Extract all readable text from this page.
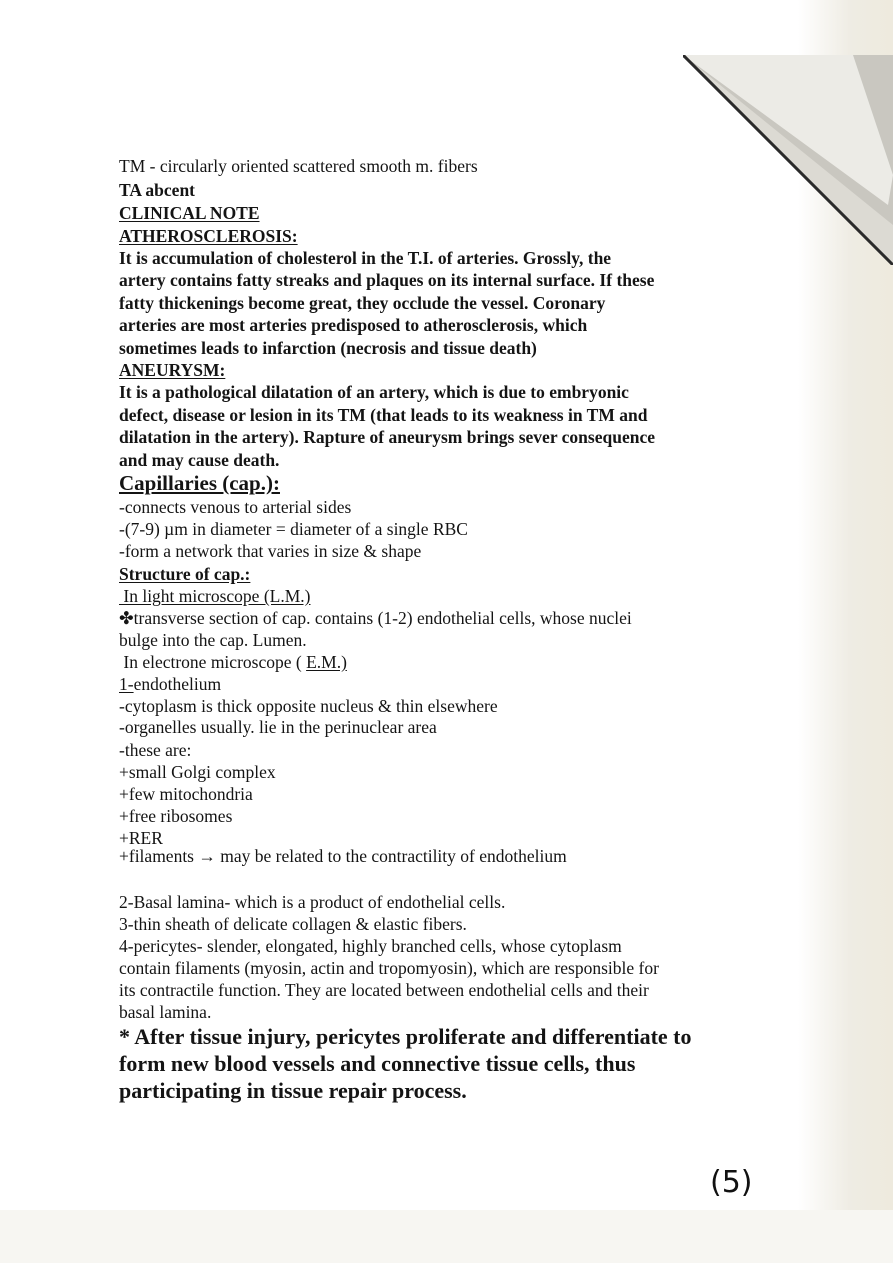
TM - circularly oriented scattered smooth m. fibers
TA abcent
CLINICAL NOTE
ATHEROSCLEROSIS:
It is accumulation of cholesterol in the T.I. of arteries. Grossly, the
artery contains fatty streaks and plaques on its internal surface. If these
fatty thickenings become great, they occlude the vessel. Coronary
arteries are most arteries predisposed to atherosclerosis, which
sometimes leads to infarction (necrosis and tissue death)
ANEURYSM:
It is a pathological dilatation of an artery, which is due to embryonic
defect, disease or lesion in its TM (that leads to its weakness in TM and
dilatation in the artery). Rapture of aneurysm brings sever consequence
and may cause death.
Capillaries (cap.):
-connects venous to arterial sides
-(7-9) µm in diameter = diameter of a single RBC
-form a network that varies in size & shape
Structure of cap.:
In light microscope (L.M.)
✤transverse section of cap. contains (1-2) endothelial cells, whose nuclei
bulge into the cap. Lumen.
In electrone microscope ( E.M.)
1-endothelium
-cytoplasm is thick opposite nucleus & thin elsewhere
-organelles usually. lie in the perinuclear area
-these are:
+small Golgi complex
+few mitochondria
+free ribosomes
+RER
+filaments → may be related to the contractility of endothelium
2-Basal lamina- which is a product of endothelial cells.
3-thin sheath of delicate collagen & elastic fibers.
4-pericytes- slender, elongated, highly branched cells, whose cytoplasm
contain filaments (myosin, actin and tropomyosin), which are responsible for
its contractile function. They are located between endothelial cells and their
basal lamina.
* After tissue injury, pericytes proliferate and differentiate to
form new blood vessels and connective tissue cells, thus
participating in tissue repair process.
(5)
